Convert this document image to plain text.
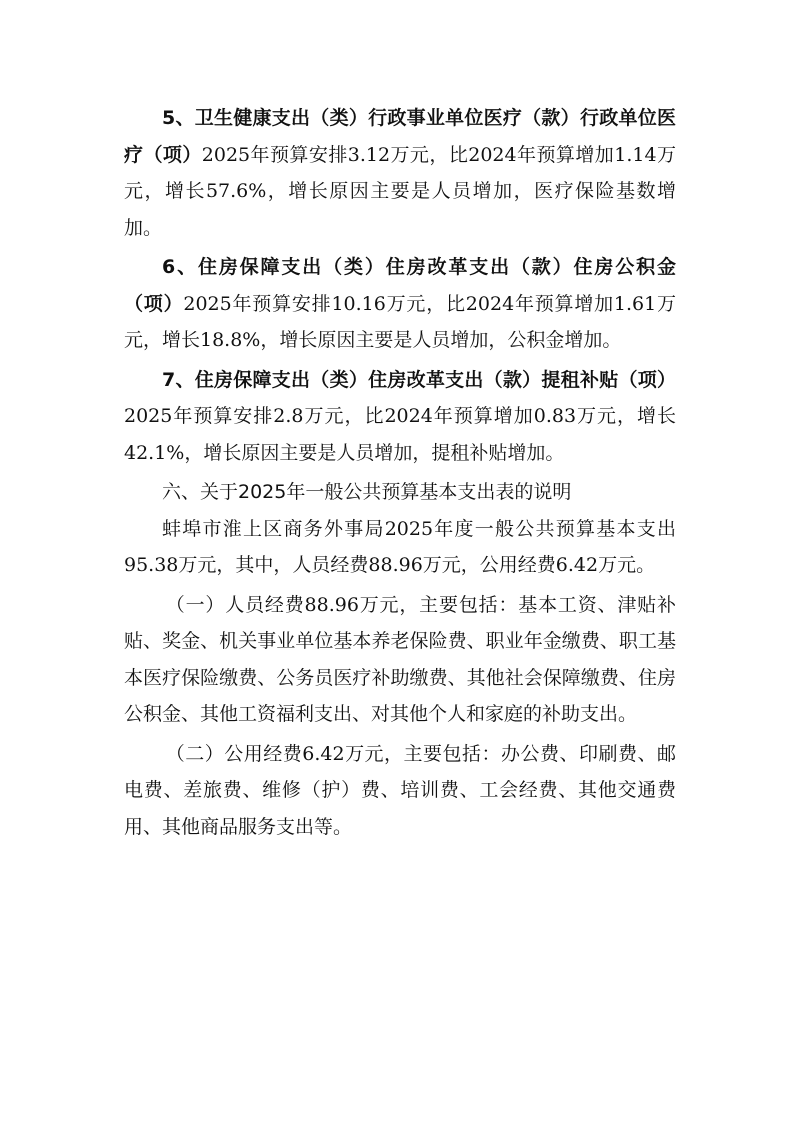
5、卫生健康支出（类）行政事业单位医疗（款）行政单位医疗（项）2025年预算安排3.12万元，比2024年预算增加1.14万元，增长57.6%，增长原因主要是人员增加，医疗保险基数增加。

6、住房保障支出（类）住房改革支出（款）住房公积金（项）2025年预算安排10.16万元，比2024年预算增加1.61万元，增长18.8%，增长原因主要是人员增加，公积金增加。

7、住房保障支出（类）住房改革支出（款）提租补贴（项）2025年预算安排2.8万元，比2024年预算增加0.83万元，增长42.1%，增长原因主要是人员增加，提租补贴增加。

六、关于2025年一般公共预算基本支出表的说明

蚌埠市淮上区商务外事局2025年度一般公共预算基本支出95.38万元，其中，人员经费88.96万元，公用经费6.42万元。

（一）人员经费88.96万元，主要包括：基本工资、津贴补贴、奖金、机关事业单位基本养老保险费、职业年金缴费、职工基本医疗保险缴费、公务员医疗补助缴费、其他社会保障缴费、住房公积金、其他工资福利支出、对其他个人和家庭的补助支出。

（二）公用经费6.42万元，主要包括：办公费、印刷费、邮电费、差旅费、维修（护）费、培训费、工会经费、其他交通费用、其他商品服务支出等。
